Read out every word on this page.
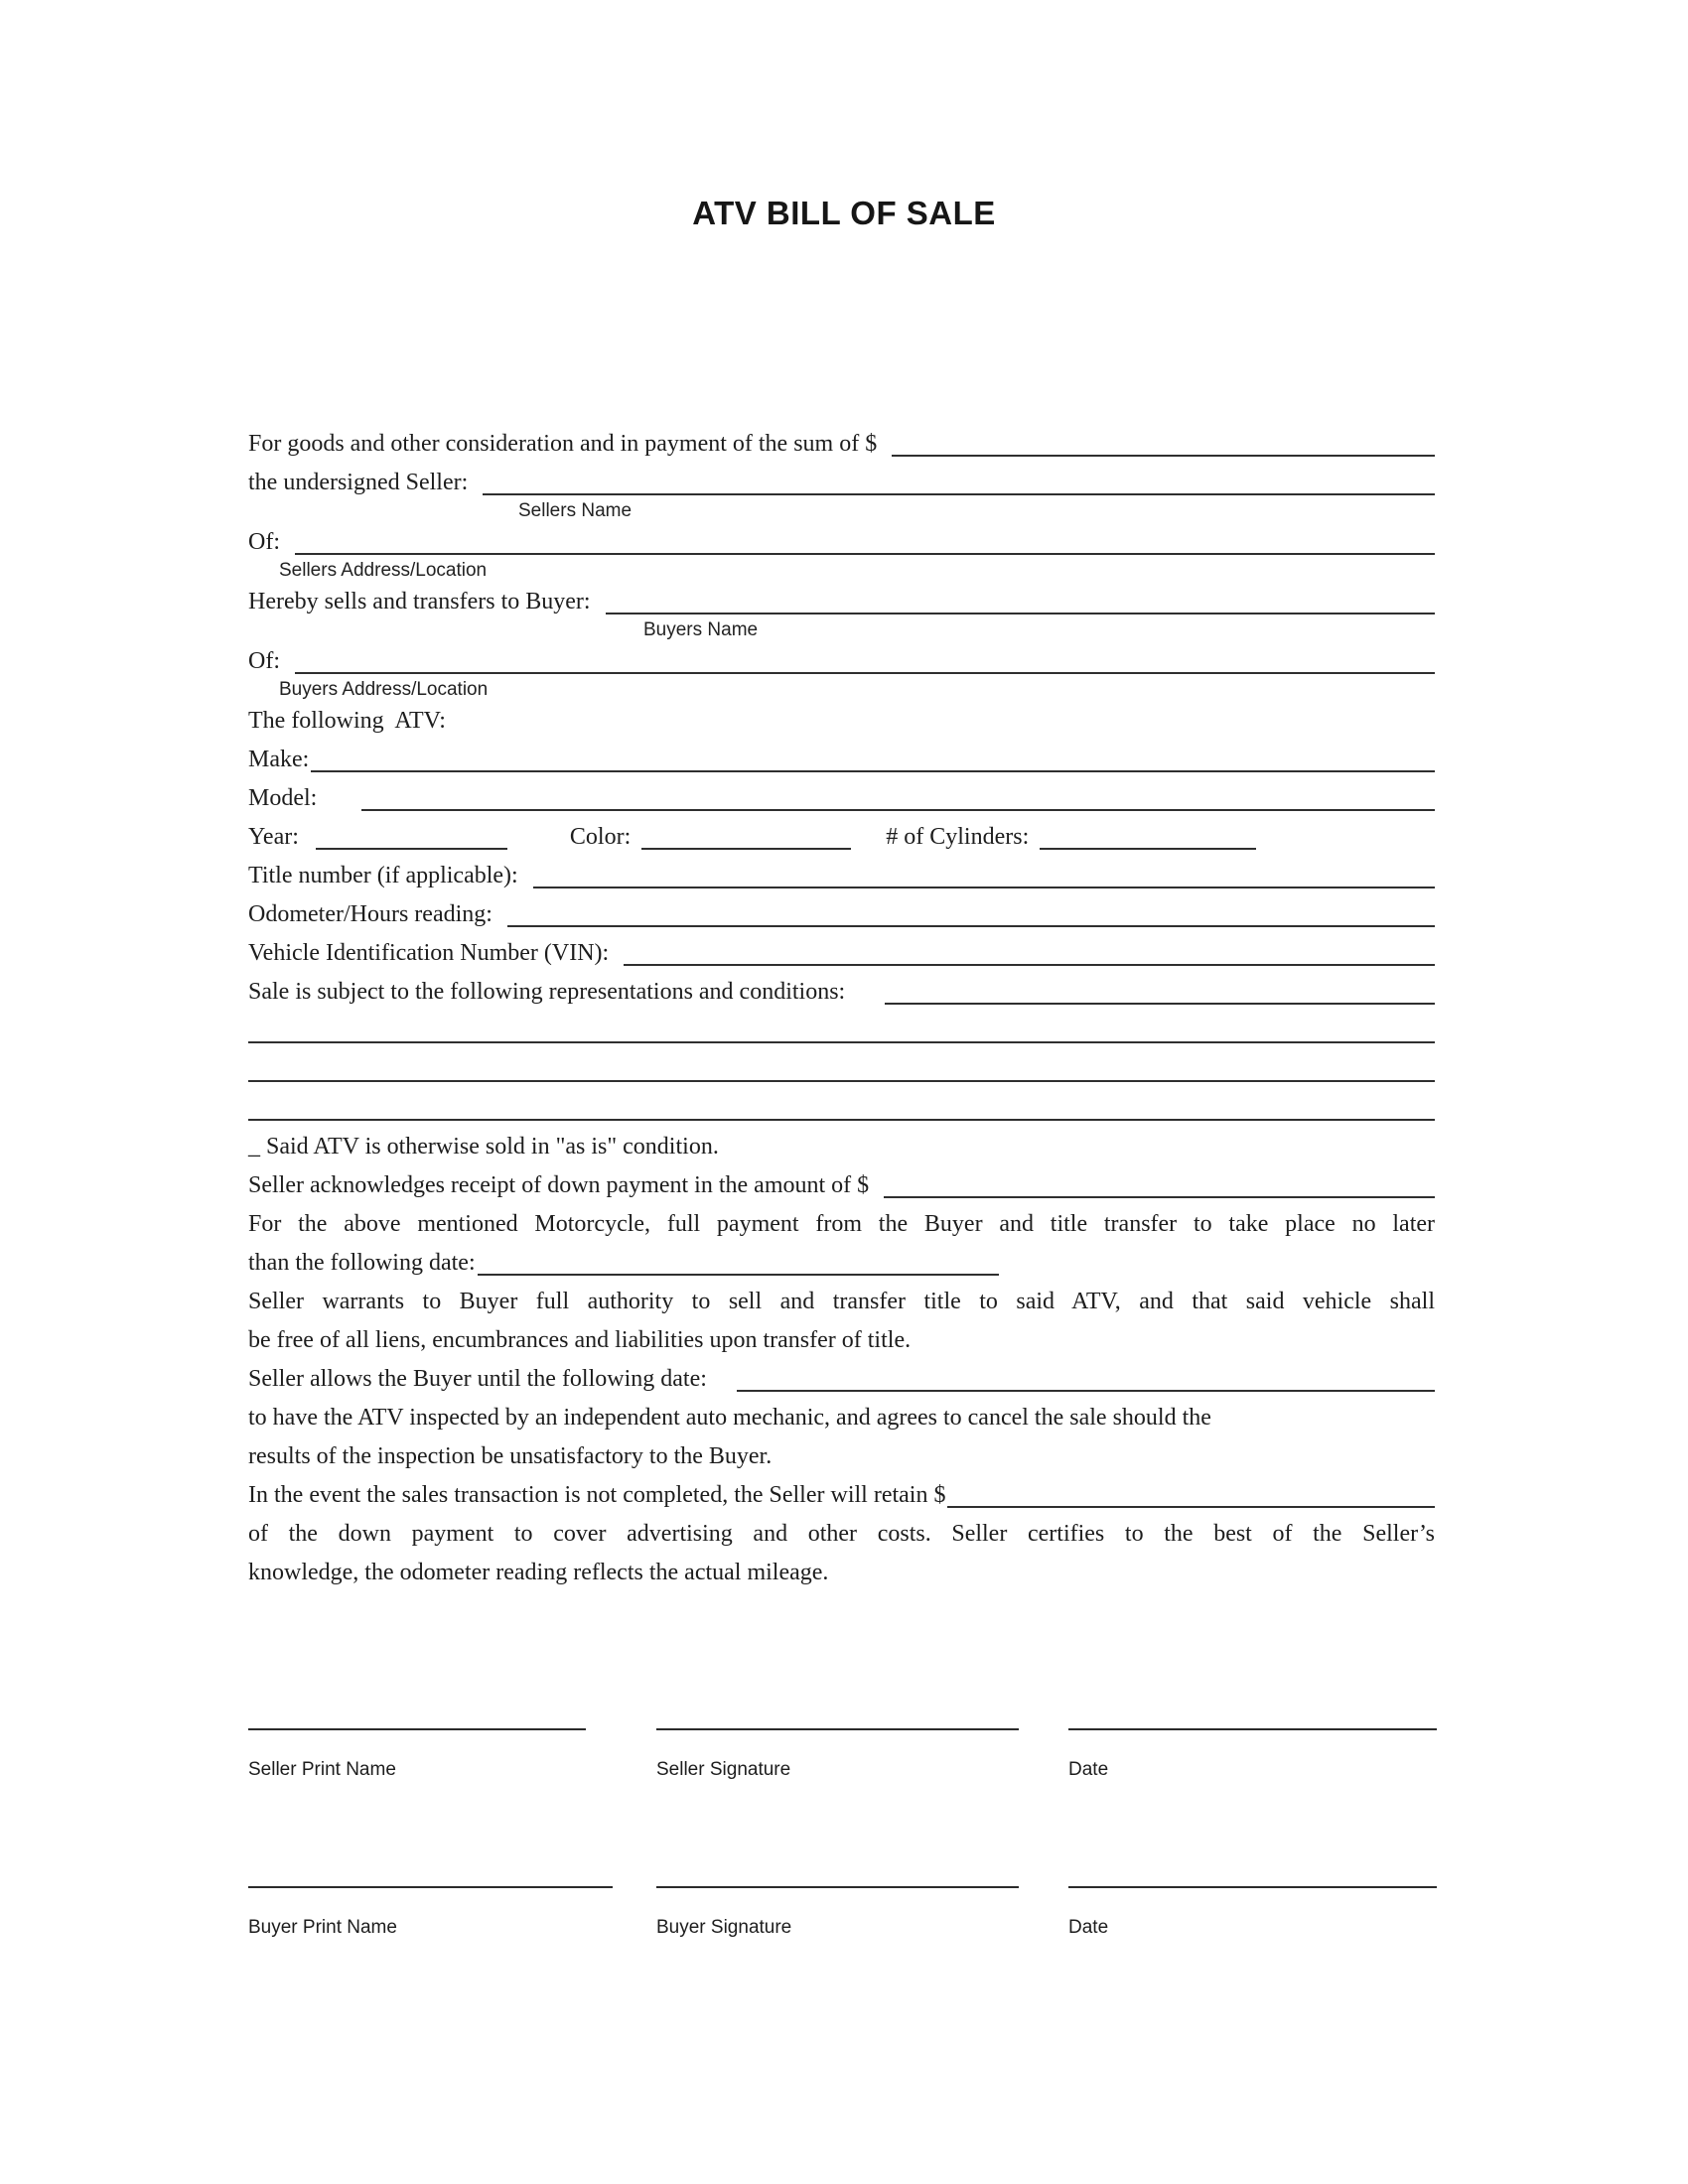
ATV BILL OF SALE
For goods and other consideration and in payment of the sum of $
the undersigned Seller:
Sellers Name
Of:
Sellers Address/Location
Hereby sells and transfers to Buyer:
Buyers Name
Of:
Buyers Address/Location
The following  ATV:
Make:
Model:
Year:	Color:	# of Cylinders:
Title number (if applicable):
Odometer/Hours reading:
Vehicle Identification Number (VIN):
Sale is subject to the following representations and conditions:
_ Said ATV is otherwise sold in "as is" condition.
Seller acknowledges receipt of down payment in the amount of $
For the above mentioned Motorcycle, full payment from the Buyer and title transfer to take place no later
than the following date:
Seller warrants to Buyer full authority to sell and transfer title to said ATV, and that said vehicle shall
be free of all liens, encumbrances and liabilities upon transfer of title.
Seller allows the Buyer until the following date:
to have the ATV inspected by an independent auto mechanic, and agrees to cancel the sale should the
results of the inspection be unsatisfactory to the Buyer.
In the event the sales transaction is not completed, the Seller will retain $
of the down payment to cover advertising and other costs. Seller certifies to the best of the Seller’s
knowledge, the odometer reading reflects the actual mileage.
Seller Print Name	Seller Signature	Date
Buyer Print Name	Buyer Signature	Date
